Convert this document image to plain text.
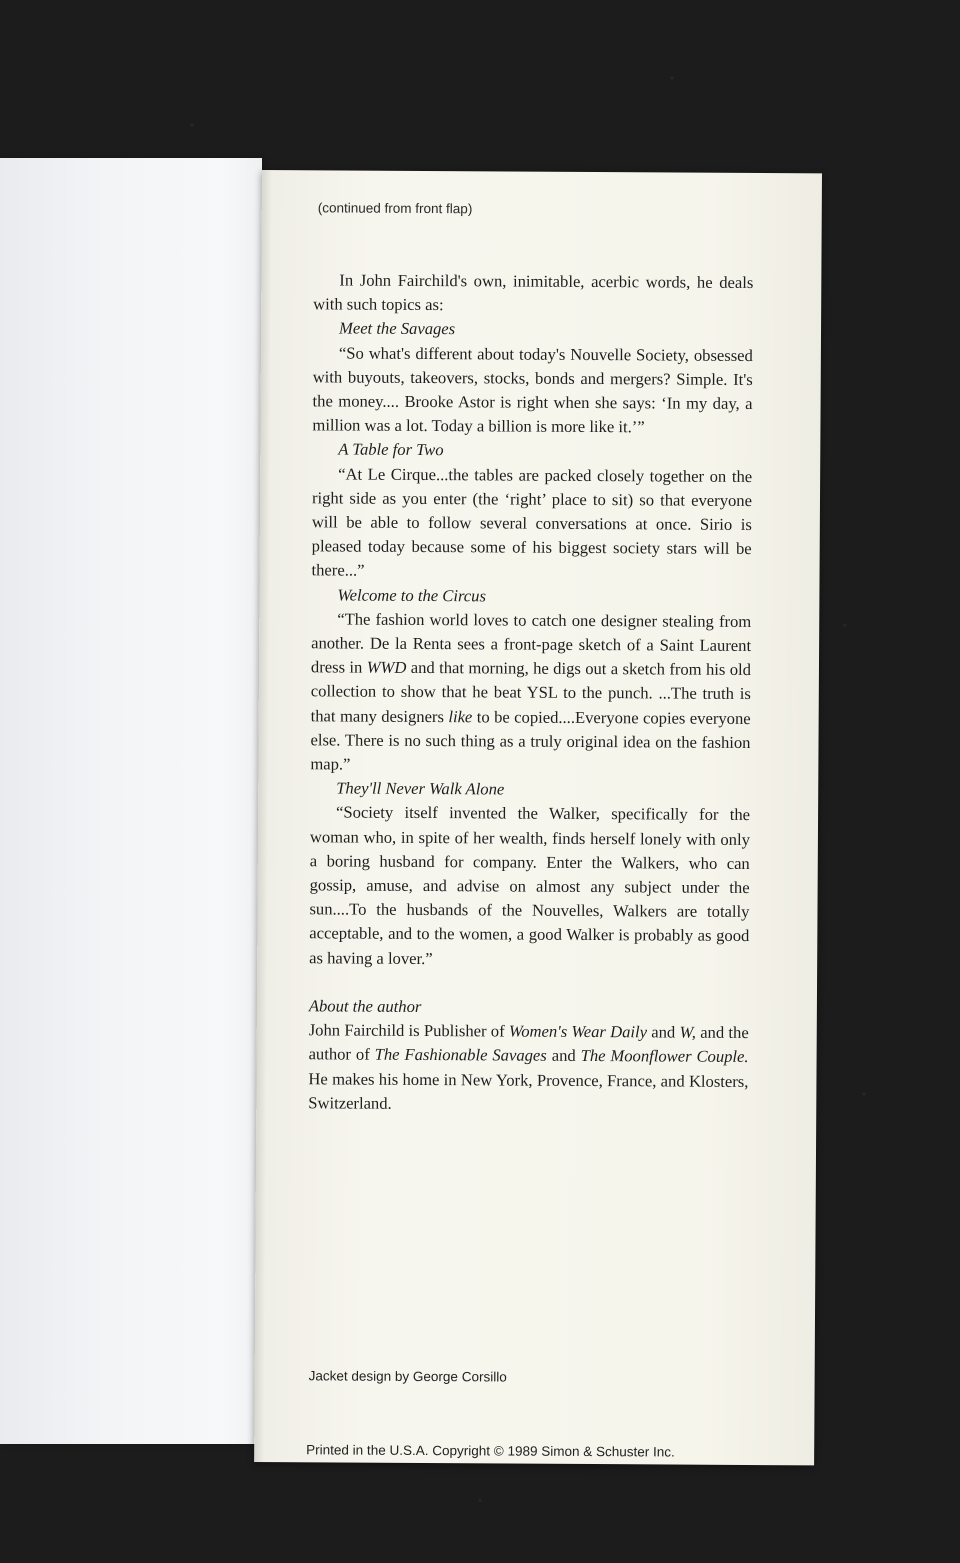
(continued from front flap)

In John Fairchild's own, inimitable, acerbic words, he deals with such topics as:

Meet the Savages

“So what's different about today's Nouvelle Society, obsessed with buyouts, takeovers, stocks, bonds and mergers? Simple. It's the money.... Brooke Astor is right when she says: ‘In my day, a million was a lot. Today a billion is more like it.’”

A Table for Two

“At Le Cirque...the tables are packed closely together on the right side as you enter (the ‘right’ place to sit) so that everyone will be able to follow several conversations at once. Sirio is pleased today because some of his biggest society stars will be there...”

Welcome to the Circus

“The fashion world loves to catch one designer stealing from another. De la Renta sees a front-page sketch of a Saint Laurent dress in WWD and that morning, he digs out a sketch from his old collection to show that he beat YSL to the punch. ...The truth is that many designers like to be copied....Everyone copies everyone else. There is no such thing as a truly original idea on the fashion map.”

They'll Never Walk Alone

“Society itself invented the Walker, specifically for the woman who, in spite of her wealth, finds herself lonely with only a boring husband for company. Enter the Walkers, who can gossip, amuse, and advise on almost any subject under the sun....To the husbands of the Nouvelles, Walkers are totally acceptable, and to the women, a good Walker is probably as good as having a lover.”

About the author

John Fairchild is Publisher of Women's Wear Daily and W, and the author of The Fashionable Savages and The Moonflower Couple. He makes his home in New York, Provence, France, and Klosters, Switzerland.

Jacket design by George Corsillo
Printed in the U.S.A. Copyright © 1989 Simon & Schuster Inc.
